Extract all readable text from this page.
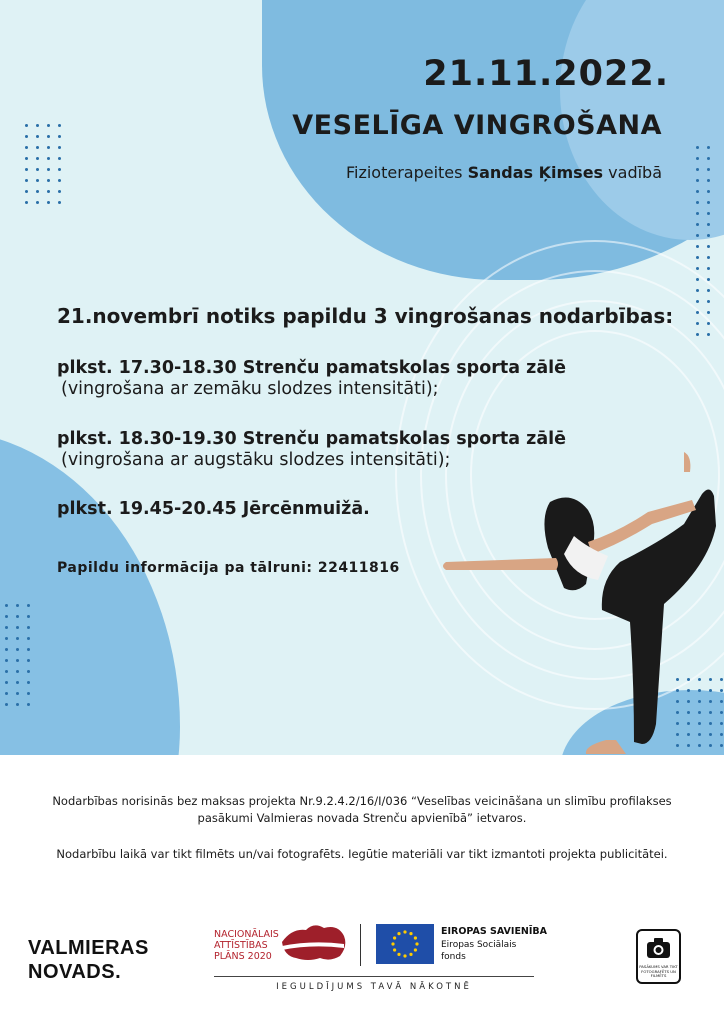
21.11.2022.
VESELĪGA VINGROŠANA
Fizioterapeites Sandas Ķimses vadībā
21.novembrī notiks papildu 3 vingrošanas nodarbības:
plkst. 17.30-18.30 Strenču pamatskolas sporta zālē
(vingrošana ar zemāku slodzes intensitāti);
plkst. 18.30-19.30 Strenču pamatskolas sporta zālē
(vingrošana ar augstāku slodzes intensitāti);
plkst. 19.45-20.45 Jērcēnmuižā.
Papildu informācija pa tālruni: 22411816
Nodarbības norisinās bez maksas projekta Nr.9.2.4.2/16/I/036 “Veselības veicināšana un slimību profilakses pasākumi Valmieras novada Strenču apvienībā” ietvaros.
Nodarbību laikā var tikt filmēts un/vai fotografēts. Iegūtie materiāli var tikt izmantoti projekta publicitātei.
VALMIERAS
NOVADS.
NACIONĀLAIS
ATTĪSTĪBAS
PLĀNS 2020
EIROPAS SAVIENĪBA
Eiropas Sociālais
fonds
IEGULDĪJUMS TAVĀ NĀKOTNĒ
PASĀKUMS VAR TIKT FOTOGRAFĒTS UN FILMĒTS
